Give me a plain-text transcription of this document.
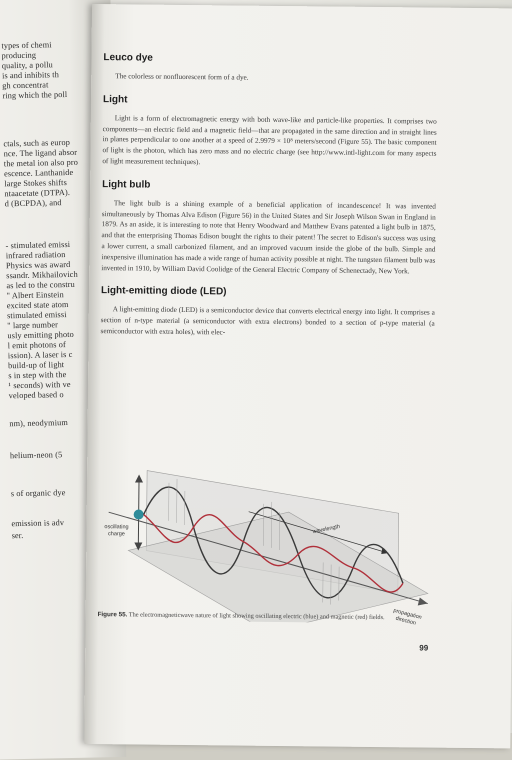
types of chemi
producing
quality, a pollu
is and inhibits th
gh concentrat
ring which the poll
ctals, such as europ
nce. The ligand absor
the metal ion also pro
escence. Lanthanide
large Stokes shifts
ntaacetate (DTPA).
d (BCPDA), and
- stimulated emissi
infrared radiation
Physics was award
ssandr. Mikhailovich
as led to the constru
" Albert Einstein
excited state atom
stimulated emissi
" large number
usly emitting photo
l emit photons of
ission). A laser is c
build-up of light
s in step with the
¹ seconds) with ve
veloped based o
nm), neodymium
helium-neon (5
s of organic dye
emission is adv
ser.
Leuco dye

The colorless or nonfluorescent form of a dye.

Light

Light is a form of electromagnetic energy with both wave-like and particle-like properties. It comprises two components—an electric field and a magnetic field—that are propagated in the same direction and in straight lines in planes perpendicular to one another at a speed of 2.9979 × 10⁸ meters/second (Figure 55). The basic component of light is the photon, which has zero mass and no electric charge (see http://www.intl-light.com for many aspects of light measurement techniques).

Light bulb

The light bulb is a shining example of a beneficial application of incandescence! It was invented simultaneously by Thomas Alva Edison (Figure 56) in the United States and Sir Joseph Wilson Swan in England in 1879. As an aside, it is interesting to note that Henry Woodward and Matthew Evans patented a light bulb in 1875, and that the enterprising Thomas Edison bought the rights to their patent! The secret to Edison's success was using a lower current, a small carbonized filament, and an improved vacuum inside the globe of the bulb. Simple and inexpensive illumination has made a wide range of human activity possible at night. The tungsten filament bulb was invented in 1910, by William David Coolidge of the General Electric Company of Schenectady, New York.

Light-emitting diode (LED)

A light-emitting diode (LED) is a semiconductor device that converts electrical energy into light. It comprises a section of n-type material (a semiconductor with extra electrons) bonded to a section of p-type material (a semiconductor with extra holes), with elec-

oscillating charge	wavelength
propagation direction
Figure 55. The electromagneticwave nature of light showing oscillating electric (blue) and magnetic (red) fields.
99
